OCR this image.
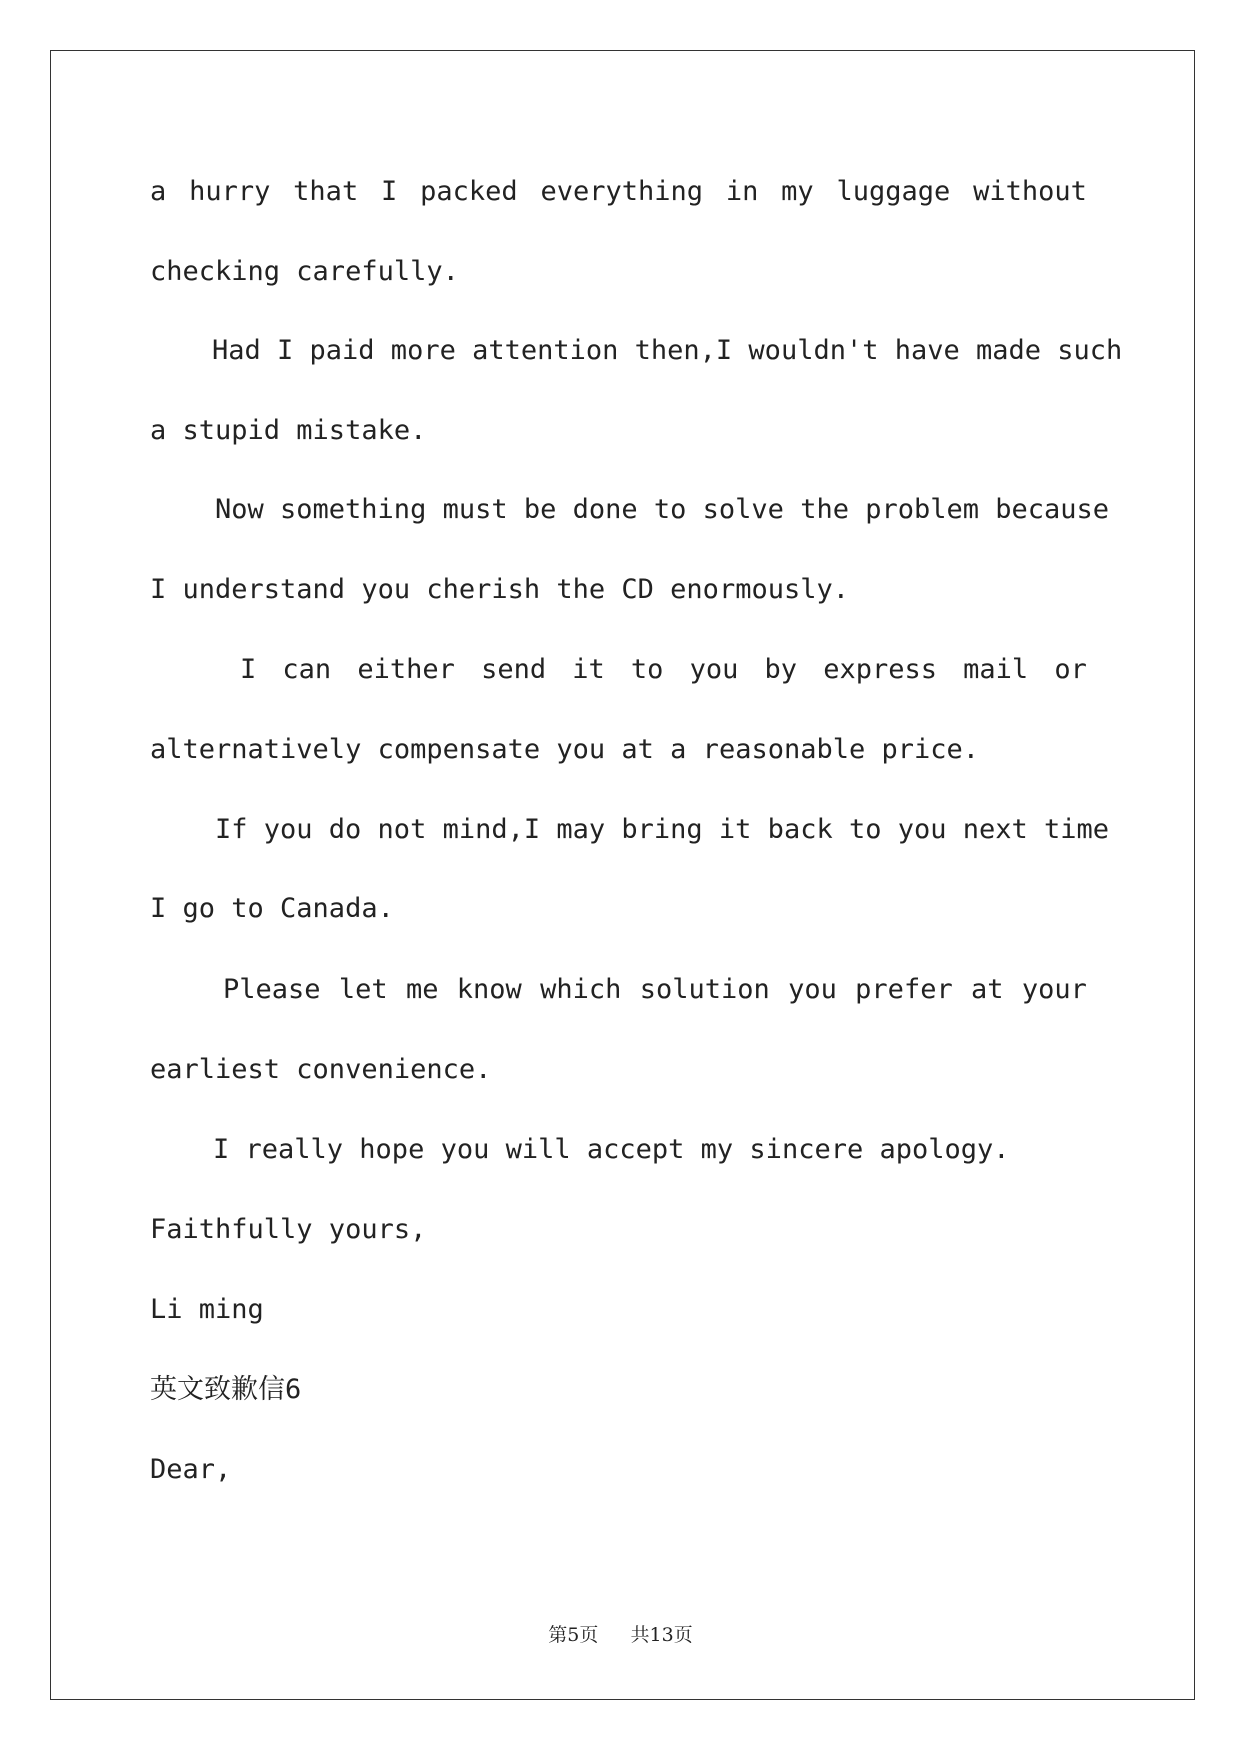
a hurry that I packed everything in my luggage without
checking carefully.
Had I paid more attention then,I wouldn't have made such
a stupid mistake.
Now something must be done to solve the problem because
I understand you cherish the CD enormously.
I can either send it to you by express mail or
alternatively compensate you at a reasonable price.
If you do not mind,I may bring it back to you next time
I go to Canada.
Please let me know which solution you prefer at your
earliest convenience.
I really hope you will accept my sincere apology.
Faithfully yours,
Li ming
英文致歉信6
Dear,
第5页 共13页
